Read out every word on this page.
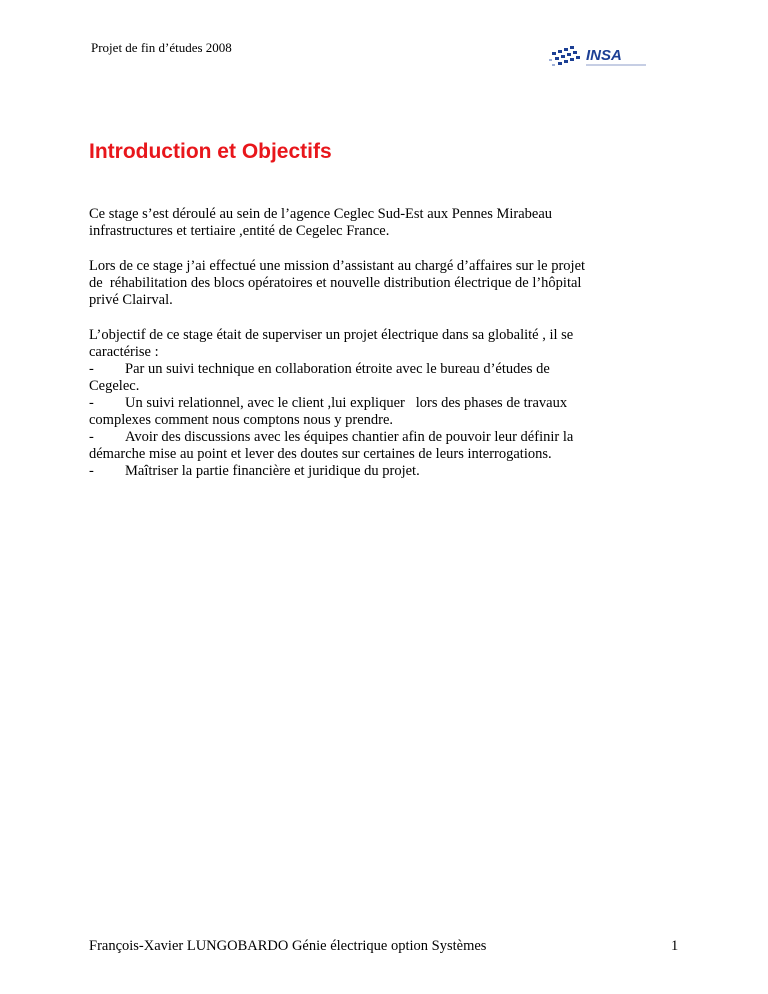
Projet de fin d’études 2008	INSA
Introduction et Objectifs
Ce stage s’est déroulé au sein de l’agence Ceglec Sud-Est aux Pennes Mirabeau
infrastructures et tertiaire ,entité de Cegelec France.
Lors de ce stage j’ai effectué une mission d’assistant au chargé d’affaires sur le projet
de  réhabilitation des blocs opératoires et nouvelle distribution électrique de l’hôpital
privé Clairval.
L’objectif de ce stage était de superviser un projet électrique dans sa globalité , il se
caractérise :
- Par un suivi technique en collaboration étroite avec le bureau d’études de
Cegelec.
- Un suivi relationnel, avec le client ,lui expliquer   lors des phases de travaux
complexes comment nous comptons nous y prendre.
- Avoir des discussions avec les équipes chantier afin de pouvoir leur définir la
démarche mise au point et lever des doutes sur certaines de leurs interrogations.
- Maîtriser la partie financière et juridique du projet.
François-Xavier LUNGOBARDO Génie électrique option Systèmes	1
